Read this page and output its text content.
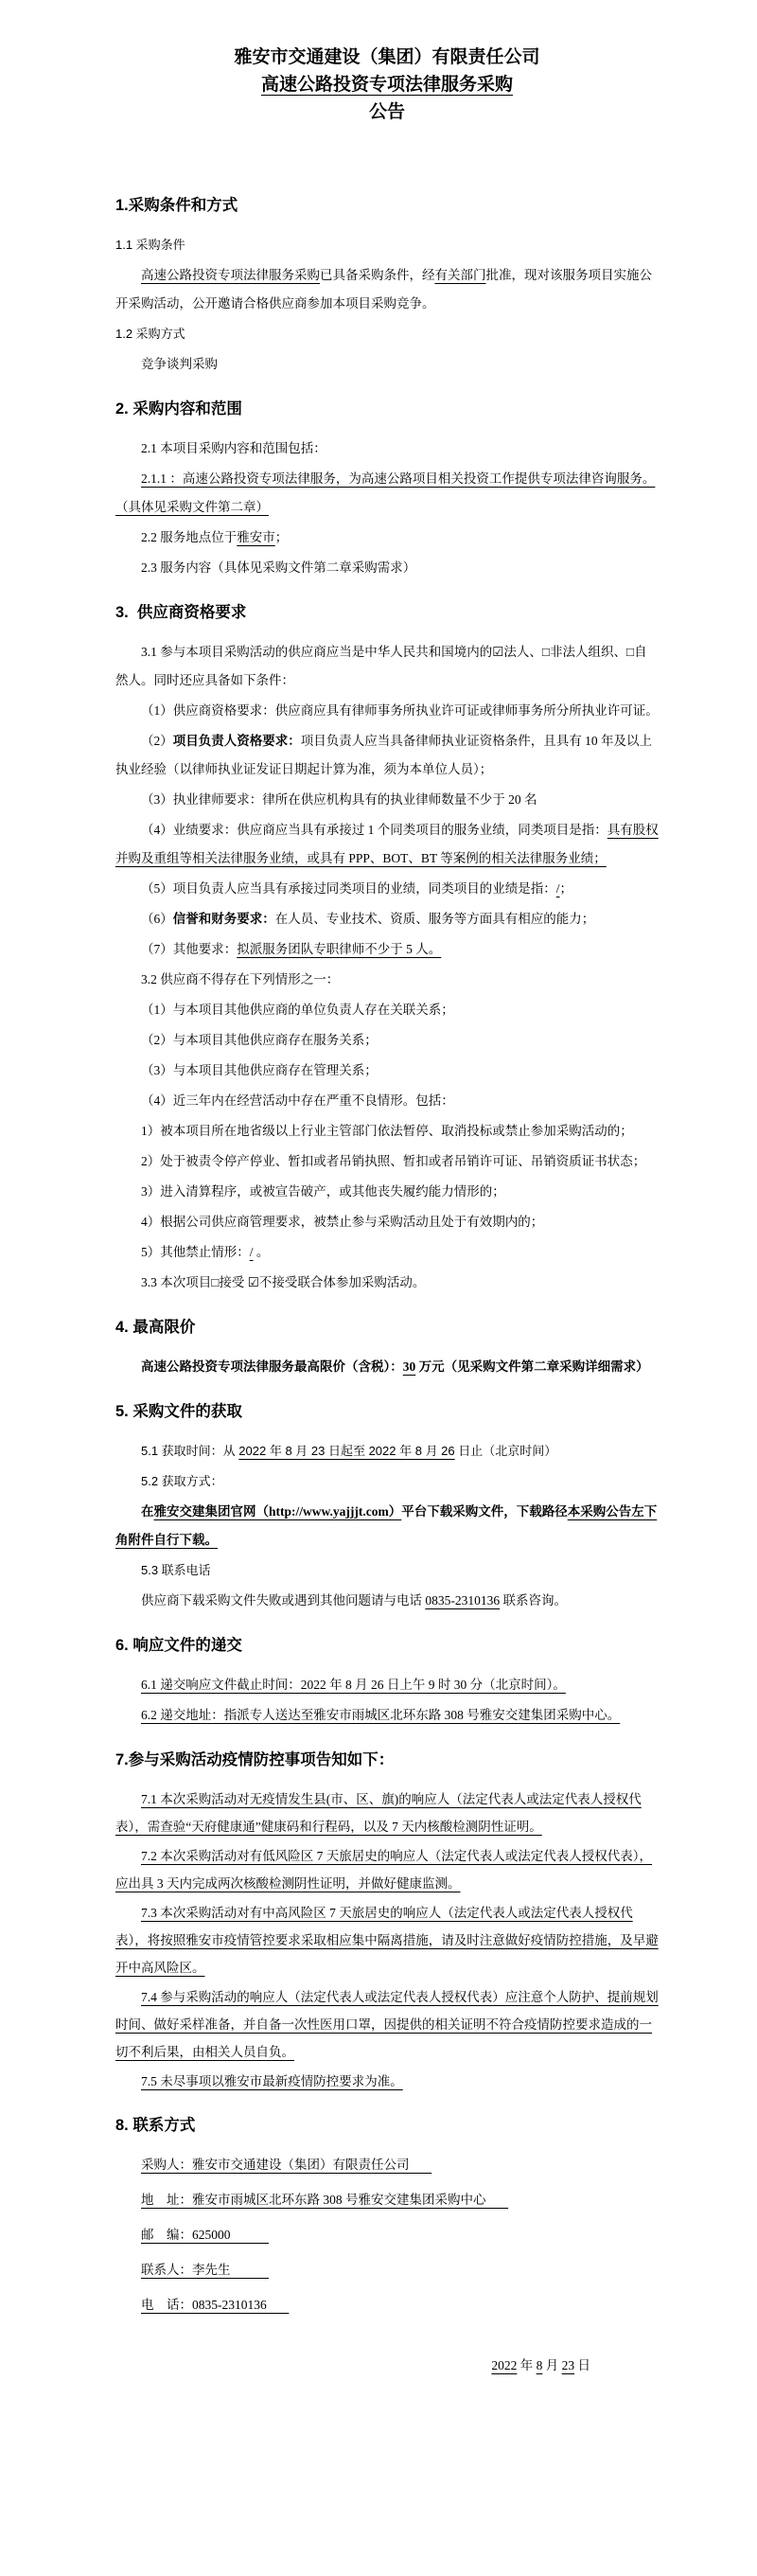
雅安市交通建设（集团）有限责任公司
高速公路投资专项法律服务采购
公告

1.采购条件和方式

1.1 采购条件

高速公路投资专项法律服务采购已具备采购条件，经有关部门批准，现对该服务项目实施公开采购活动，公开邀请合格供应商参加本项目采购竞争。

1.2 采购方式

竞争谈判采购

2. 采购内容和范围

2.1 本项目采购内容和范围包括：

2.1.1 ：高速公路投资专项法律服务，为高速公路项目相关投资工作提供专项法律咨询服务。（具体见采购文件第二章）

2.2 服务地点位于雅安市；

2.3 服务内容（具体见采购文件第二章采购需求）

3.  供应商资格要求

3.1 参与本项目采购活动的供应商应当是中华人民共和国境内的☑法人、□非法人组织、□自然人。同时还应具备如下条件：

（1）供应商资格要求：供应商应具有律师事务所执业许可证或律师事务所分所执业许可证。

（2）项目负责人资格要求：项目负责人应当具备律师执业证资格条件，且具有 10 年及以上执业经验（以律师执业证发证日期起计算为准，须为本单位人员）；

（3）执业律师要求：律所在供应机构具有的执业律师数量不少于 20 名

（4）业绩要求：供应商应当具有承接过 1 个同类项目的服务业绩，同类项目是指：具有股权并购及重组等相关法律服务业绩，或具有 PPP、BOT、BT 等案例的相关法律服务业绩；

（5）项目负责人应当具有承接过同类项目的业绩，同类项目的业绩是指：/；

（6）信誉和财务要求：在人员、专业技术、资质、服务等方面具有相应的能力；

（7）其他要求：拟派服务团队专职律师不少于 5 人。

3.2 供应商不得存在下列情形之一：

（1）与本项目其他供应商的单位负责人存在关联关系；

（2）与本项目其他供应商存在服务关系；

（3）与本项目其他供应商存在管理关系；

（4）近三年内在经营活动中存在严重不良情形。包括：

1）被本项目所在地省级以上行业主管部门依法暂停、取消投标或禁止参加采购活动的；

2）处于被责令停产停业、暂扣或者吊销执照、暂扣或者吊销许可证、吊销资质证书状态；

3）进入清算程序，或被宣告破产，或其他丧失履约能力情形的；

4）根据公司供应商管理要求，被禁止参与采购活动且处于有效期内的；

5）其他禁止情形：/ 。

3.3 本次项目□接受 ☑不接受联合体参加采购活动。

4. 最高限价

高速公路投资专项法律服务最高限价（含税）：30 万元（见采购文件第二章采购详细需求）

5. 采购文件的获取

5.1 获取时间：从 2022 年 8 月 23 日起至 2022 年 8 月 26 日止（北京时间）

5.2 获取方式：

在雅安交建集团官网（http://www.yajjjt.com）平台下载采购文件，下载路径本采购公告左下角附件自行下载。

5.3 联系电话

供应商下载采购文件失败或遇到其他问题请与电话 0835-2310136 联系咨询。

6. 响应文件的递交

6.1 递交响应文件截止时间：2022 年 8 月 26 日上午 9 时 30 分（北京时间）。

6.2 递交地址：指派专人送达至雅安市雨城区北环东路 308 号雅安交建集团采购中心。

7.参与采购活动疫情防控事项告知如下：

7.1 本次采购活动对无疫情发生县(市、区、旗)的响应人（法定代表人或法定代表人授权代表），需查验“天府健康通”健康码和行程码，以及 7 天内核酸检测阴性证明。

7.2 本次采购活动对有低风险区 7 天旅居史的响应人（法定代表人或法定代表人授权代表），应出具 3 天内完成两次核酸检测阴性证明，并做好健康监测。

7.3 本次采购活动对有中高风险区 7 天旅居史的响应人（法定代表人或法定代表人授权代表），将按照雅安市疫情管控要求采取相应集中隔离措施，请及时注意做好疫情防控措施，及早避开中高风险区。

7.4 参与采购活动的响应人（法定代表人或法定代表人授权代表）应注意个人防护、提前规划时间、做好采样准备，并自备一次性医用口罩，因提供的相关证明不符合疫情防控要求造成的一切不利后果，由相关人员自负。

7.5 未尽事项以雅安市最新疫情防控要求为准。

8. 联系方式

采购人：雅安市交通建设（集团）有限责任公司

地　址：雅安市雨城区北环东路 308 号雅安交建集团采购中心

邮　编：625000

联系人：李先生

电　话：0835-2310136

2022 年 8 月 23 日
